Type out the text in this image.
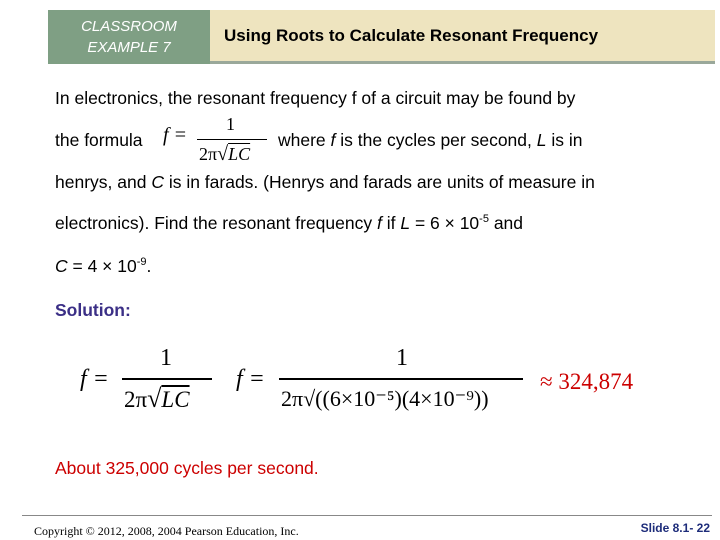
CLASSROOM
EXAMPLE 7
Using Roots to Calculate Resonant Frequency
In electronics, the resonant frequency f of a circuit may be found by
the formula f = 1
2π√LC
where f is the cycles per second, L is in
henrys, and C is in farads. (Henrys and farads are units of measure in
electronics). Find the resonant frequency f if $L = 6 \times 10^{-5}$ and
$C = 4 \times 10^{-9}$.
Solution:
f =
1
2π√LC
f =
1
2π√((6×10⁻⁵)(4×10⁻⁹))
≈ 324,874
About 325,000 cycles per second.
Copyright © 2012, 2008, 2004 Pearson Education, Inc.	Slide 8.1- 22
